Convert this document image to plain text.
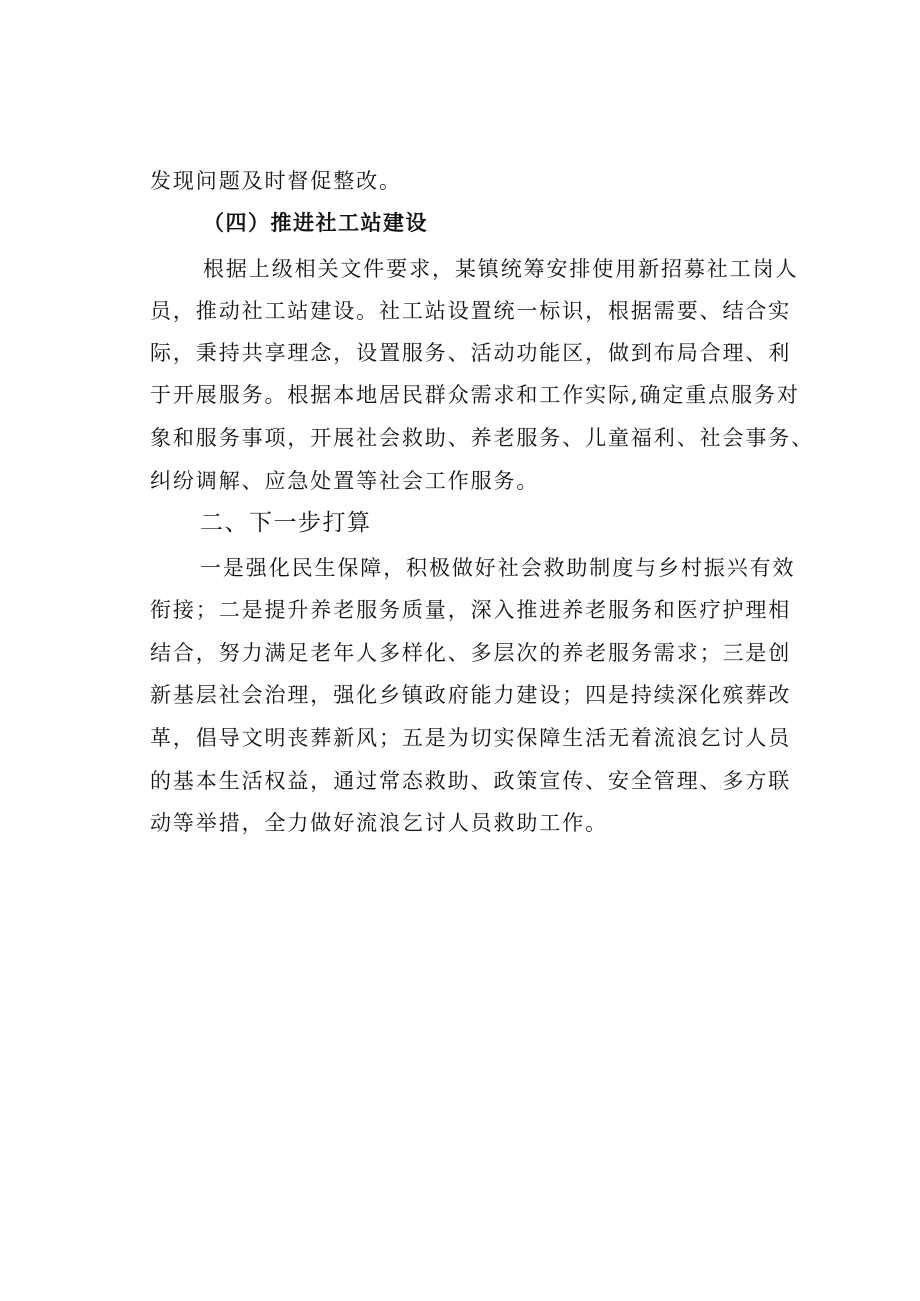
发现问题及时督促整改。
（四）推进社工站建设
根据上级相关文件要求，某镇统筹安排使用新招募社工岗人
员，推动社工站建设。社工站设置统一标识，根据需要、结合实
际，秉持共享理念，设置服务、活动功能区，做到布局合理、利
于开展服务。根据本地居民群众需求和工作实际,确定重点服务对
象和服务事项，开展社会救助、养老服务、儿童福利、社会事务、
纠纷调解、应急处置等社会工作服务。
二、下一步打算
一是强化民生保障，积极做好社会救助制度与乡村振兴有效
衔接；二是提升养老服务质量，深入推进养老服务和医疗护理相
结合，努力满足老年人多样化、多层次的养老服务需求；三是创
新基层社会治理，强化乡镇政府能力建设；四是持续深化殡葬改
革，倡导文明丧葬新风；五是为切实保障生活无着流浪乞讨人员
的基本生活权益，通过常态救助、政策宣传、安全管理、多方联
动等举措，全力做好流浪乞讨人员救助工作。
